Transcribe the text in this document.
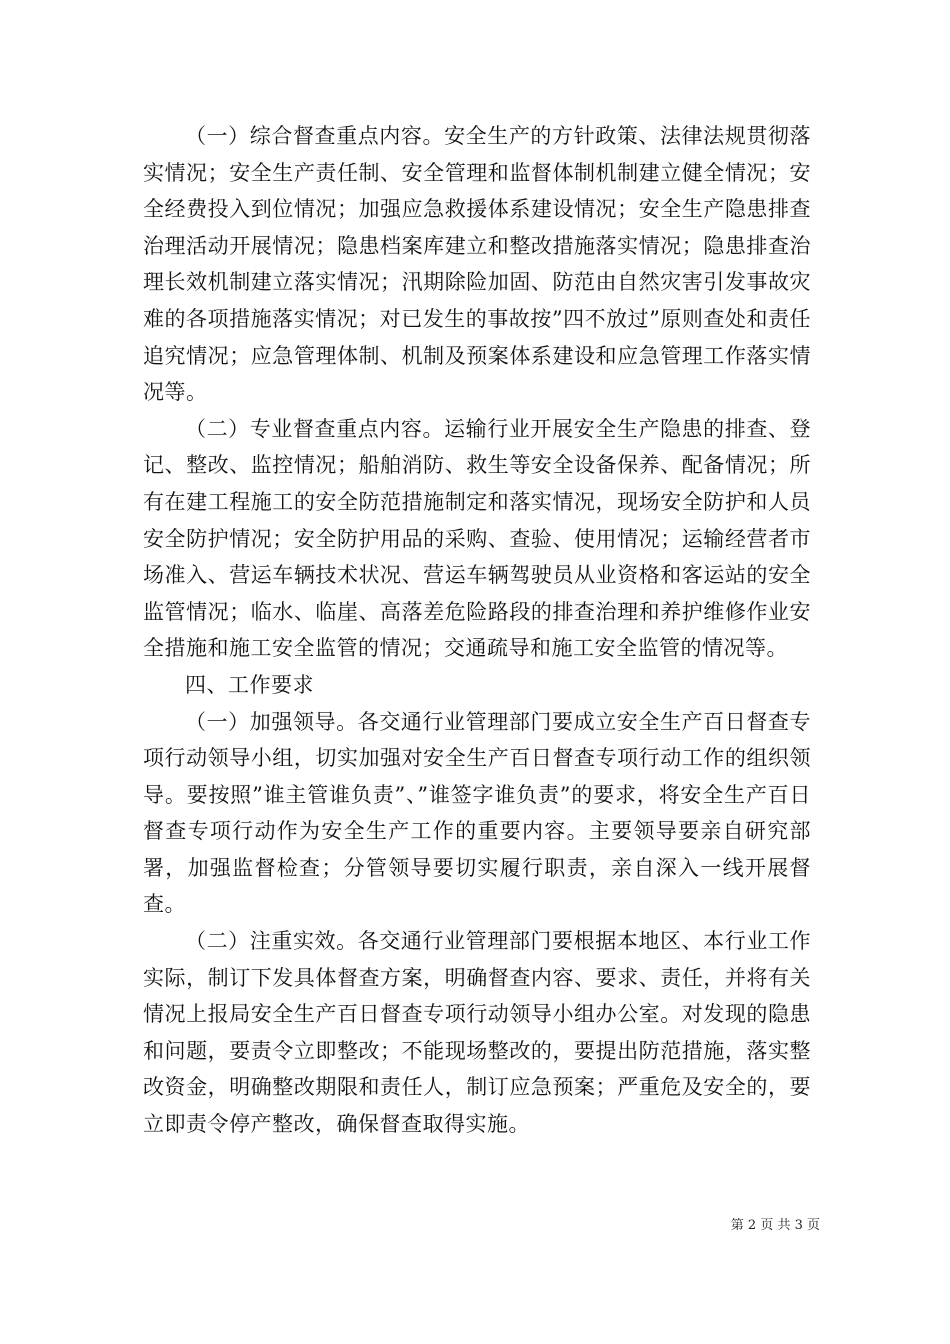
（一）综合督查重点内容。安全生产的方针政策、法律法规贯彻落实情况；安全生产责任制、安全管理和监督体制机制建立健全情况；安全经费投入到位情况；加强应急救援体系建设情况；安全生产隐患排查治理活动开展情况；隐患档案库建立和整改措施落实情况；隐患排查治理长效机制建立落实情况；汛期除险加固、防范由自然灾害引发事故灾难的各项措施落实情况；对已发生的事故按”四不放过”原则查处和责任追究情况；应急管理体制、机制及预案体系建设和应急管理工作落实情况等。

（二）专业督查重点内容。运输行业开展安全生产隐患的排查、登记、整改、监控情况；船舶消防、救生等安全设备保养、配备情况；所有在建工程施工的安全防范措施制定和落实情况，现场安全防护和人员安全防护情况；安全防护用品的采购、查验、使用情况；运输经营者市场准入、营运车辆技术状况、营运车辆驾驶员从业资格和客运站的安全监管情况；临水、临崖、高落差危险路段的排查治理和养护维修作业安全措施和施工安全监管的情况；交通疏导和施工安全监管的情况等。

四、工作要求

（一）加强领导。各交通行业管理部门要成立安全生产百日督查专项行动领导小组，切实加强对安全生产百日督查专项行动工作的组织领导。要按照”谁主管谁负责”、”谁签字谁负责”的要求，将安全生产百日督查专项行动作为安全生产工作的重要内容。主要领导要亲自研究部署，加强监督检查；分管领导要切实履行职责，亲自深入一线开展督查。

（二）注重实效。各交通行业管理部门要根据本地区、本行业工作实际，制订下发具体督查方案，明确督查内容、要求、责任，并将有关情况上报局安全生产百日督查专项行动领导小组办公室。对发现的隐患和问题，要责令立即整改；不能现场整改的，要提出防范措施，落实整改资金，明确整改期限和责任人，制订应急预案；严重危及安全的，要立即责令停产整改，确保督查取得实施。

第 2 页 共 3 页
